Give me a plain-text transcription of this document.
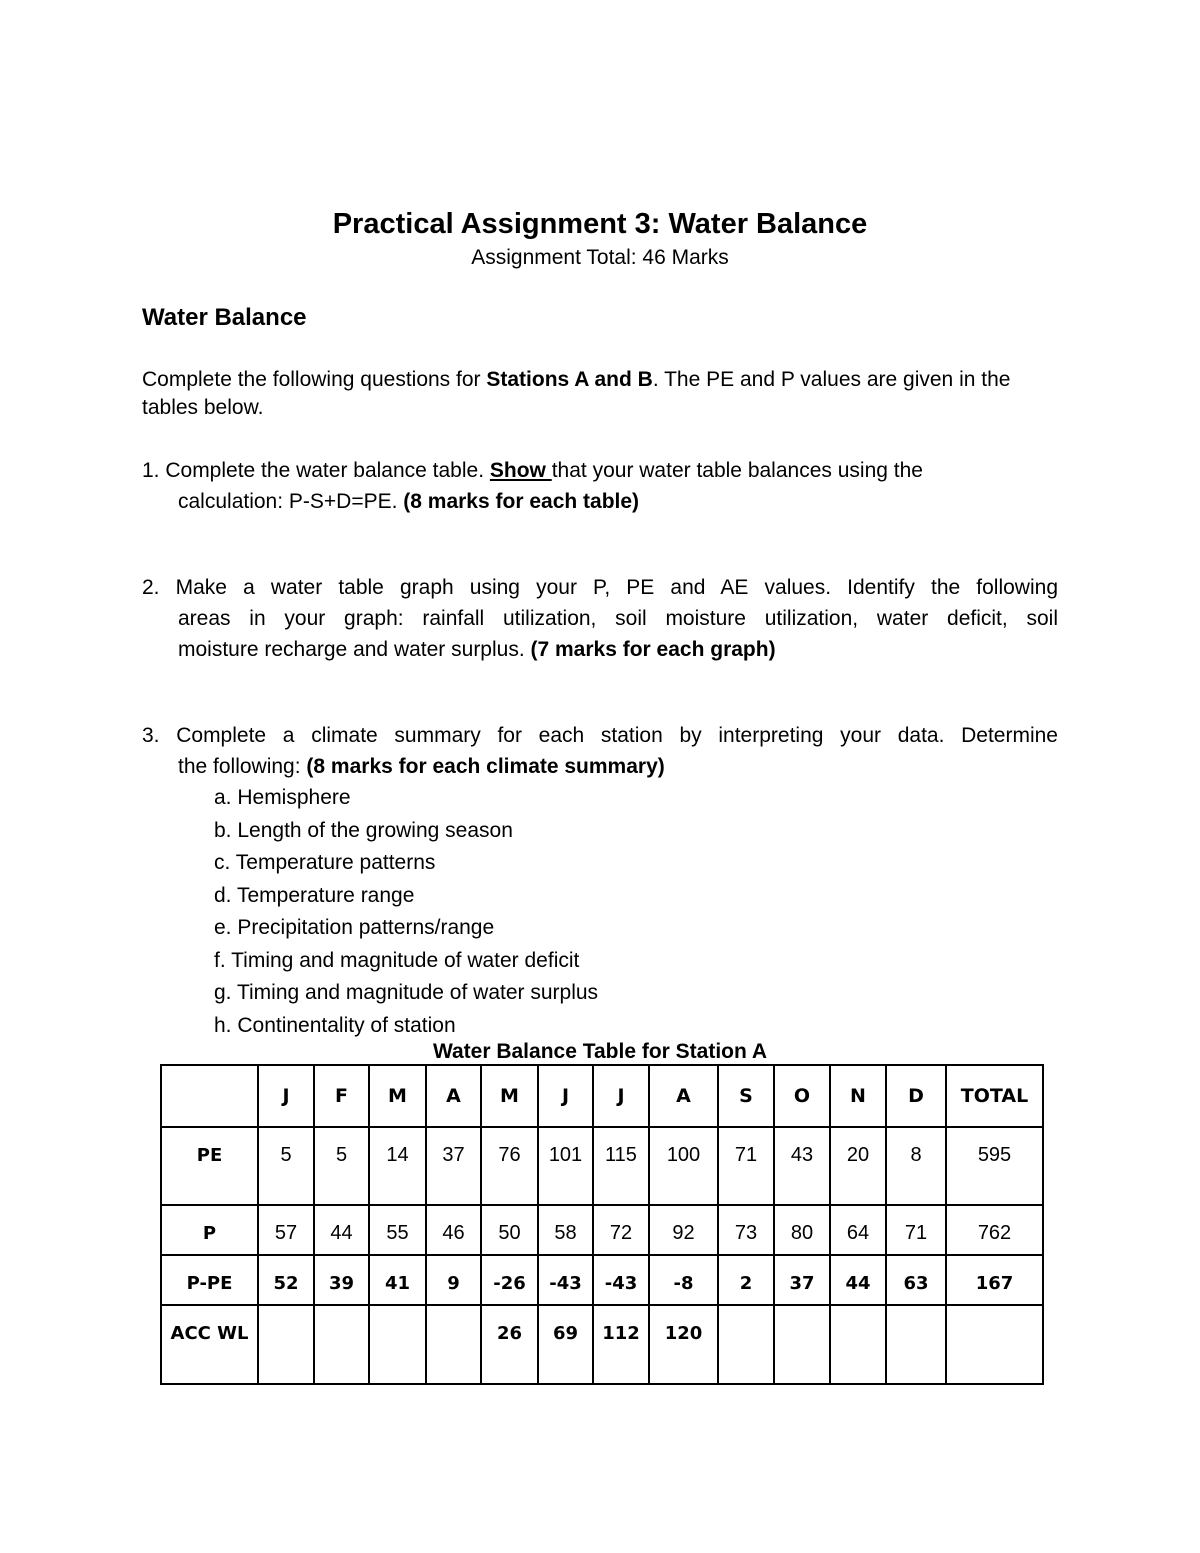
Practical Assignment 3: Water Balance
Assignment Total: 46 Marks
Water Balance
Complete the following questions for Stations A and B. The PE and P values are given in the tables below.
1. Complete the water balance table. Show that your water table balances using the
calculation: P-S+D=PE. (8 marks for each table)
2. Make a water table graph using your P, PE and AE values. Identify the following
areas in your graph: rainfall utilization, soil moisture utilization, water deficit, soil
moisture recharge and water surplus. (7 marks for each graph)
3. Complete a climate summary for each station by interpreting your data. Determine
the following: (8 marks for each climate summary)
a. Hemisphere
b. Length of the growing season
c. Temperature patterns
d. Temperature range
e. Precipitation patterns/range
f. Timing and magnitude of water deficit
g. Timing and magnitude of water surplus
h. Continentality of station
Water Balance Table for Station A
	J	F	M	A	M	J	J	A	S	O	N	D	TOTAL

PE	5	5	14	37	76	101	115	100	71	43	20	8	595

P	57	44	55	46	50	58	72	92	73	80	64	71	762

P-PE	52	39	41	9	-26	-43	-43	-8	2	37	44	63	167

ACC WL					26	69	112	120					
